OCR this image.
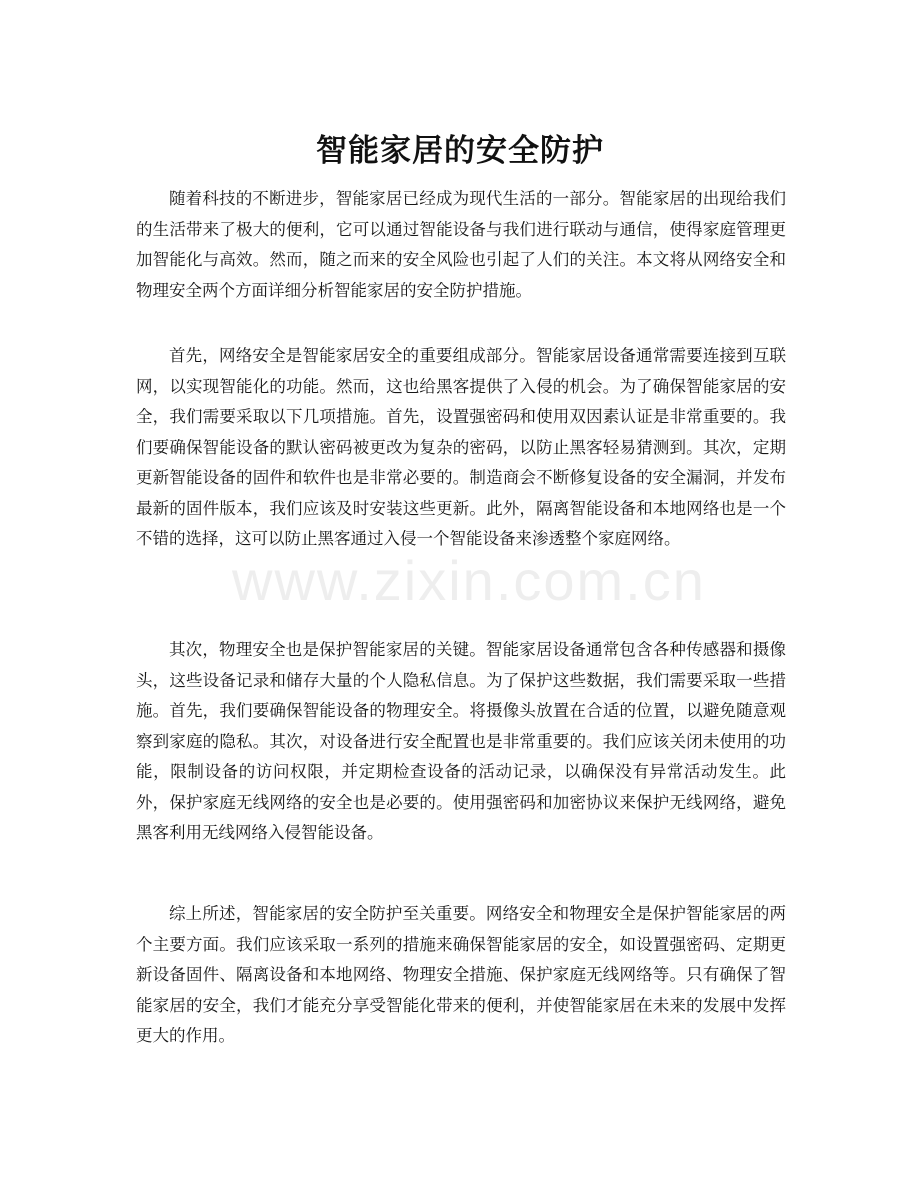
www.zixin.com.cn
智能家居的安全防护

随着科技的不断进步，智能家居已经成为现代生活的一部分。智能家居的出现给我们的生活带来了极大的便利，它可以通过智能设备与我们进行联动与通信，使得家庭管理更加智能化与高效。然而，随之而来的安全风险也引起了人们的关注。本文将从网络安全和物理安全两个方面详细分析智能家居的安全防护措施。

首先，网络安全是智能家居安全的重要组成部分。智能家居设备通常需要连接到互联网，以实现智能化的功能。然而，这也给黑客提供了入侵的机会。为了确保智能家居的安全，我们需要采取以下几项措施。首先，设置强密码和使用双因素认证是非常重要的。我们要确保智能设备的默认密码被更改为复杂的密码，以防止黑客轻易猜测到。其次，定期更新智能设备的固件和软件也是非常必要的。制造商会不断修复设备的安全漏洞，并发布最新的固件版本，我们应该及时安装这些更新。此外，隔离智能设备和本地网络也是一个不错的选择，这可以防止黑客通过入侵一个智能设备来渗透整个家庭网络。

其次，物理安全也是保护智能家居的关键。智能家居设备通常包含各种传感器和摄像头，这些设备记录和储存大量的个人隐私信息。为了保护这些数据，我们需要采取一些措施。首先，我们要确保智能设备的物理安全。将摄像头放置在合适的位置，以避免随意观察到家庭的隐私。其次，对设备进行安全配置也是非常重要的。我们应该关闭未使用的功能，限制设备的访问权限，并定期检查设备的活动记录，以确保没有异常活动发生。此外，保护家庭无线网络的安全也是必要的。使用强密码和加密协议来保护无线网络，避免黑客利用无线网络入侵智能设备。

综上所述，智能家居的安全防护至关重要。网络安全和物理安全是保护智能家居的两个主要方面。我们应该采取一系列的措施来确保智能家居的安全，如设置强密码、定期更新设备固件、隔离设备和本地网络、物理安全措施、保护家庭无线网络等。只有确保了智能家居的安全，我们才能充分享受智能化带来的便利，并使智能家居在未来的发展中发挥更大的作用。
